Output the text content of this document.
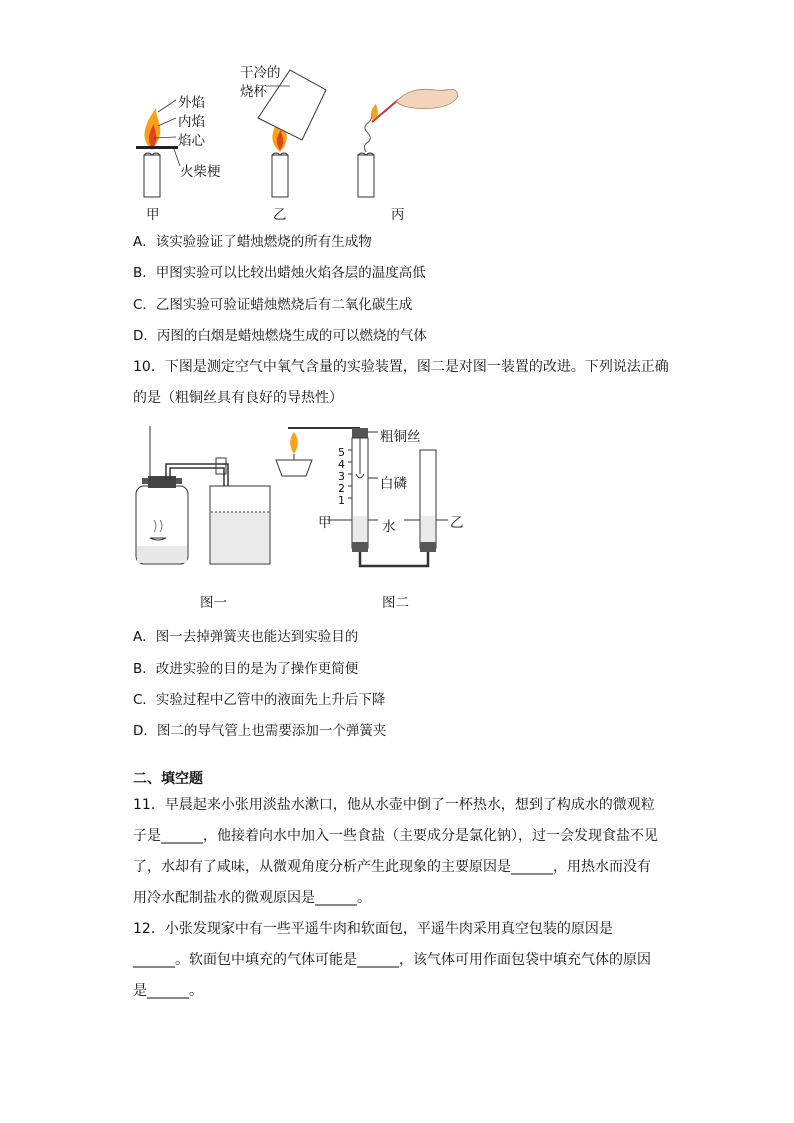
外焰
内焰
焰心
火柴梗
干冷的烧杯
甲	乙	丙
A．该实验验证了蜡烛燃烧的所有生成物
B．甲图实验可以比较出蜡烛火焰各层的温度高低
C．乙图实验可验证蜡烛燃烧后有二氧化碳生成
D．丙图的白烟是蜡烛燃烧生成的可以燃烧的气体
10．下图是测定空气中氧气含量的实验装置，图二是对图一装置的改进。下列说法正确
的是（粗铜丝具有良好的导热性）
粗铜丝
白磷
甲	水	乙
5
4
3
2
1
图一	图二
A．图一去掉弹簧夹也能达到实验目的
B．改进实验的目的是为了操作更简便
C．实验过程中乙管中的液面先上升后下降
D．图二的导气管上也需要添加一个弹簧夹
二、填空题
11．早晨起来小张用淡盐水漱口，他从水壶中倒了一杯热水，想到了构成水的微观粒子是______，他接着向水中加入一些食盐（主要成分是氯化钠），过一会发现食盐不见了，水却有了咸味，从微观角度分析产生此现象的主要原因是______，用热水而没有用冷水配制盐水的微观原因是______。
12．小张发现家中有一些平遥牛肉和软面包，平遥牛肉采用真空包装的原因是______。软面包中填充的气体可能是______，该气体可用作面包袋中填充气体的原因是______。
